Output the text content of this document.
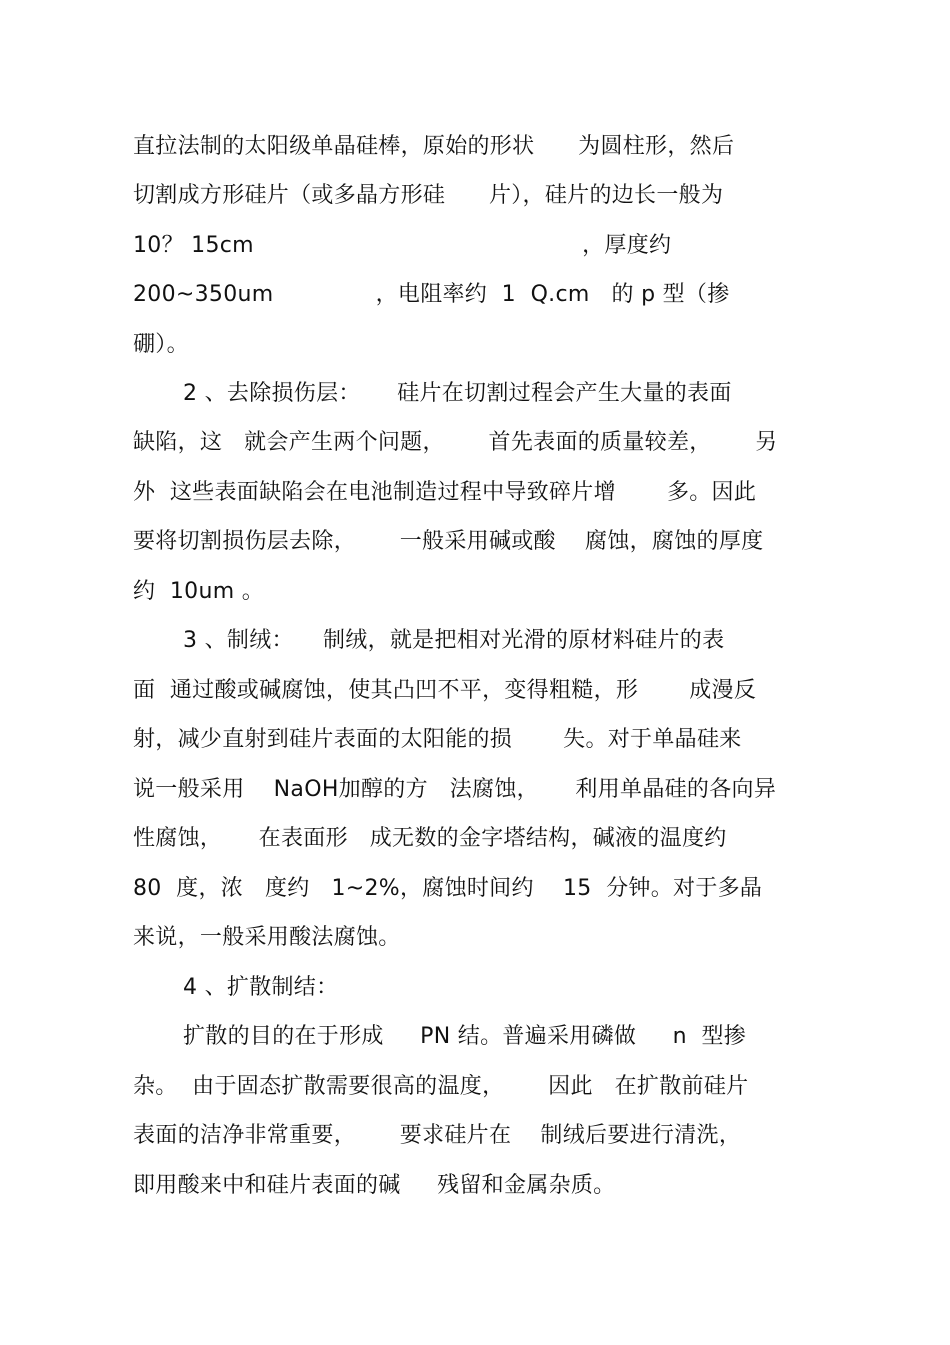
直拉法制的太阳级单晶硅棒，原始的形状      为圆柱形，然后
切割成方形硅片（或多晶方形硅      片），硅片的边长一般为
10？ 15cm                                             ，厚度约
200~350um              ，电阻率约  1  Q.cm   的 p 型（掺
硼）。
2 、去除损伤层：     硅片在切割过程会产生大量的表面
缺陷，这   就会产生两个问题，      首先表面的质量较差，      另
外  这些表面缺陷会在电池制造过程中导致碎片增       多。因此
要将切割损伤层去除，      一般采用碱或酸    腐蚀，腐蚀的厚度
约  10um 。
3 、制绒：    制绒，就是把相对光滑的原材料硅片的表
面  通过酸或碱腐蚀，使其凸凹不平，变得粗糙，形       成漫反
射，减少直射到硅片表面的太阳能的损       失。对于单晶硅来
说一般采用    NaOH加醇的方   法腐蚀，     利用单晶硅的各向异
性腐蚀，     在表面形   成无数的金字塔结构，碱液的温度约
80  度，浓   度约   1~2%，腐蚀时间约    15  分钟。对于多晶
来说，一般采用酸法腐蚀。
4 、扩散制结：
扩散的目的在于形成     PN 结。普遍采用磷做     n  型掺
杂。  由于固态扩散需要很高的温度，      因此   在扩散前硅片
表面的洁净非常重要，      要求硅片在    制绒后要进行清洗，
即用酸来中和硅片表面的碱     残留和金属杂质。
